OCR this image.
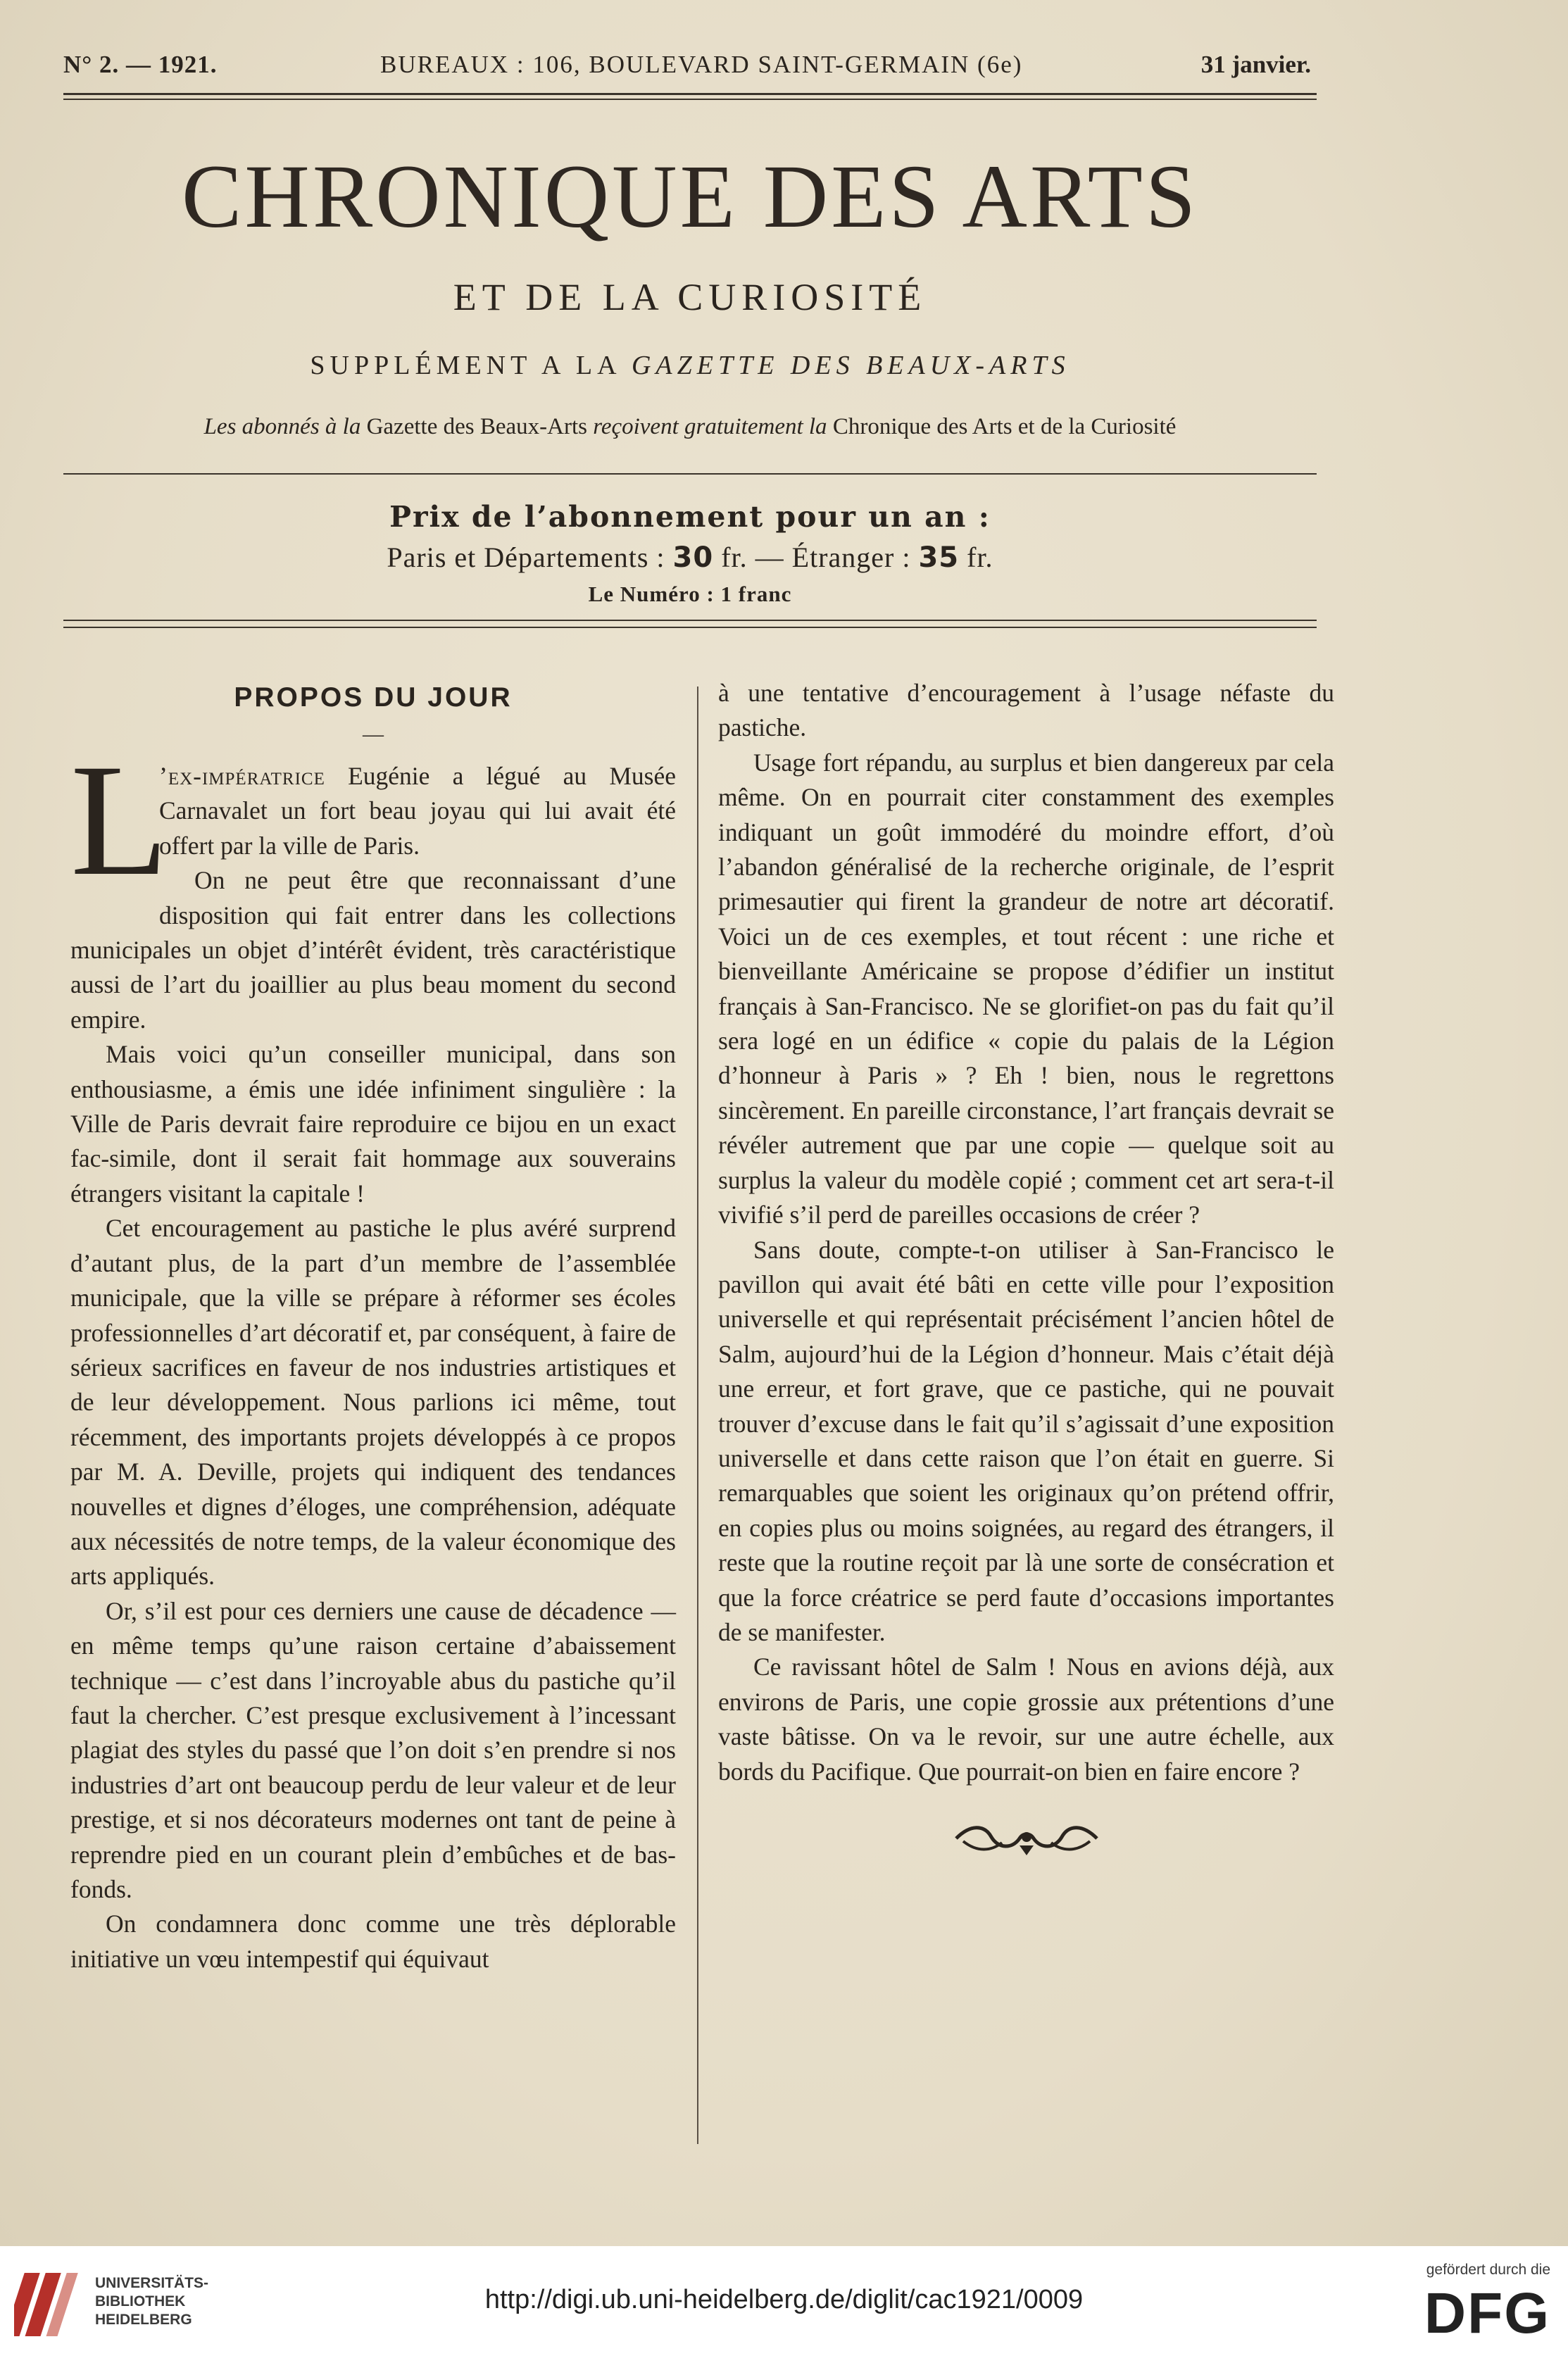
N° 2. — 1921.	BUREAUX : 106, BOULEVARD SAINT-GERMAIN (6e)	31 janvier.
CHRONIQUE DES ARTS
ET DE LA CURIOSITÉ
SUPPLÉMENT A LA GAZETTE DES BEAUX-ARTS
Les abonnés à la Gazette des Beaux-Arts reçoivent gratuitement la Chronique des Arts et de la Curiosité
Prix de l’abonnement pour un an :
Paris et Départements : 30 fr. — Étranger : 35 fr.
Le Numéro : 1 franc
PROPOS DU JOUR
—

L
’ex-impératrice Eugénie a légué au Musée Carnavalet un fort beau joyau qui lui avait été offert par la ville de Paris.

On ne peut être que reconnaissant d’une disposition qui fait entrer dans les collections municipales un objet d’intérêt évident, très caractéristique aussi de l’art du joaillier au plus beau moment du second empire.

Mais voici qu’un conseiller municipal, dans son enthousiasme, a émis une idée infiniment singulière : la Ville de Paris devrait faire reproduire ce bijou en un exact fac-simile, dont il serait fait hommage aux souverains étrangers visitant la capitale !

Cet encouragement au pastiche le plus avéré surprend d’autant plus, de la part d’un membre de l’assemblée municipale, que la ville se prépare à réformer ses écoles professionnelles d’art décoratif et, par conséquent, à faire de sérieux sacrifices en faveur de nos industries artistiques et de leur développement. Nous parlions ici même, tout récemment, des importants projets développés à ce propos par M. A. Deville, projets qui indiquent des tendances nouvelles et dignes d’éloges, une compréhension, adéquate aux nécessités de notre temps, de la valeur économique des arts appliqués.

Or, s’il est pour ces derniers une cause de décadence — en même temps qu’une raison certaine d’abaissement technique — c’est dans l’incroyable abus du pastiche qu’il faut la chercher. C’est presque exclusivement à l’incessant plagiat des styles du passé que l’on doit s’en prendre si nos industries d’art ont beaucoup perdu de leur valeur et de leur prestige, et si nos décorateurs modernes ont tant de peine à reprendre pied en un courant plein d’embûches et de bas-fonds.

On condamnera donc comme une très déplorable initiative un vœu intempestif qui équivaut

à une tentative d’encouragement à l’usage néfaste du pastiche.

Usage fort répandu, au surplus et bien dangereux par cela même. On en pourrait citer constamment des exemples indiquant un goût immodéré du moindre effort, d’où l’abandon généralisé de la recherche originale, de l’esprit primesautier qui firent la grandeur de notre art décoratif. Voici un de ces exemples, et tout récent : une riche et bienveillante Américaine se propose d’édifier un institut français à San-Francisco. Ne se glorifiet-on pas du fait qu’il sera logé en un édifice « copie du palais de la Légion d’honneur à Paris » ? Eh ! bien, nous le regrettons sincèrement. En pareille circonstance, l’art français devrait se révéler autrement que par une copie — quelque soit au surplus la valeur du modèle copié ; comment cet art sera-t-il vivifié s’il perd de pareilles occasions de créer ?

Sans doute, compte-t-on utiliser à San-Francisco le pavillon qui avait été bâti en cette ville pour l’exposition universelle et qui représentait précisément l’ancien hôtel de Salm, aujourd’hui de la Légion d’honneur. Mais c’était déjà une erreur, et fort grave, que ce pastiche, qui ne pouvait trouver d’excuse dans le fait qu’il s’agissait d’une exposition universelle et dans cette raison que l’on était en guerre. Si remarquables que soient les originaux qu’on prétend offrir, en copies plus ou moins soignées, au regard des étrangers, il reste que la routine reçoit par là une sorte de consécration et que la force créatrice se perd faute d’occasions importantes de se manifester.

Ce ravissant hôtel de Salm ! Nous en avions déjà, aux environs de Paris, une copie grossie aux prétentions d’une vaste bâtisse. On va le revoir, sur une autre échelle, aux bords du Pacifique. Que pourrait-on bien en faire encore ?

UNIVERSITÄTS-
BIBLIOTHEK
HEIDELBERG
http://digi.ub.uni-heidelberg.de/diglit/cac1921/0009
gefördert durch die
DFG
